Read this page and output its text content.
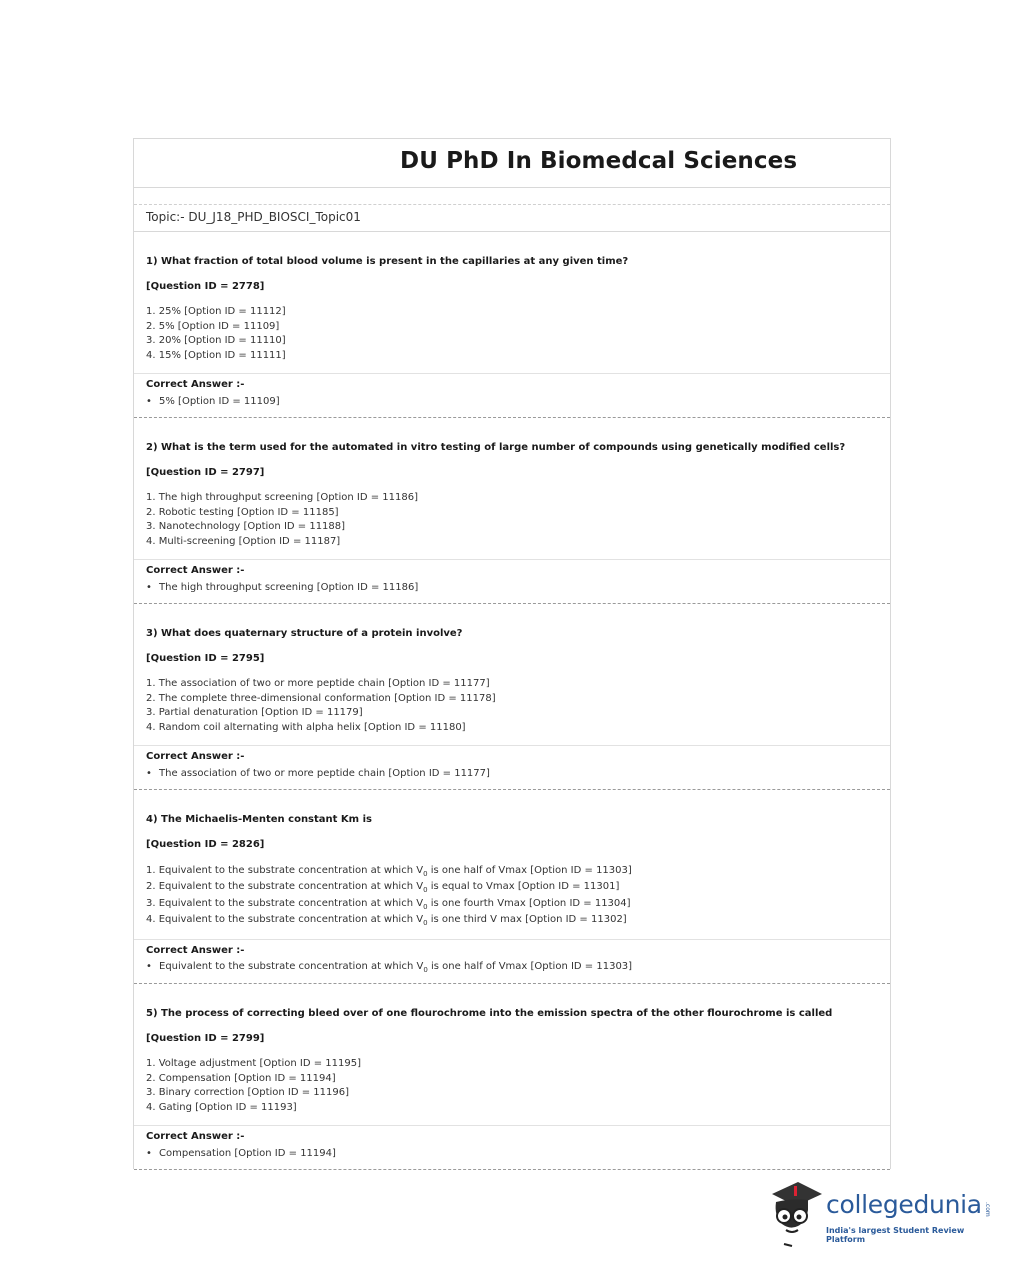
DU PhD In Biomedcal Sciences
Topic:- DU_J18_PHD_BIOSCI_Topic01
1) What fraction of total blood volume is present in the capillaries at any given time?
[Question ID = 2778]
1. 25% [Option ID = 11112]
2. 5% [Option ID = 11109]
3. 20% [Option ID = 11110]
4. 15% [Option ID = 11111]
Correct Answer :-
• 5% [Option ID = 11109]
2) What is the term used for the automated in vitro testing of large number of compounds using genetically modified cells?
[Question ID = 2797]
1. The high throughput screening [Option ID = 11186]
2. Robotic testing [Option ID = 11185]
3. Nanotechnology [Option ID = 11188]
4. Multi-screening [Option ID = 11187]
Correct Answer :-
• The high throughput screening [Option ID = 11186]
3) What does quaternary structure of a protein involve?
[Question ID = 2795]
1. The association of two or more peptide chain [Option ID = 11177]
2. The complete three-dimensional conformation [Option ID = 11178]
3. Partial denaturation [Option ID = 11179]
4. Random coil alternating with alpha helix [Option ID = 11180]
Correct Answer :-
• The association of two or more peptide chain [Option ID = 11177]
4) The Michaelis-Menten constant Km is
[Question ID = 2826]
1. Equivalent to the substrate concentration at which $V_0$ is one half of Vmax [Option ID = 11303]
2. Equivalent to the substrate concentration at which $V_0$ is equal to Vmax [Option ID = 11301]
3. Equivalent to the substrate concentration at which $V_0$ is one fourth Vmax [Option ID = 11304]
4. Equivalent to the substrate concentration at which $V_0$ is one third V max [Option ID = 11302]
Correct Answer :-
• Equivalent to the substrate concentration at which $V_0$ is one half of Vmax [Option ID = 11303]
5) The process of correcting bleed over of one flourochrome into the emission spectra of the other flourochrome is called
[Question ID = 2799]
1. Voltage adjustment [Option ID = 11195]
2. Compensation [Option ID = 11194]
3. Binary correction [Option ID = 11196]
4. Gating [Option ID = 11193]
Correct Answer :-
• Compensation [Option ID = 11194]
collegedunia .com
India's largest Student Review Platform
